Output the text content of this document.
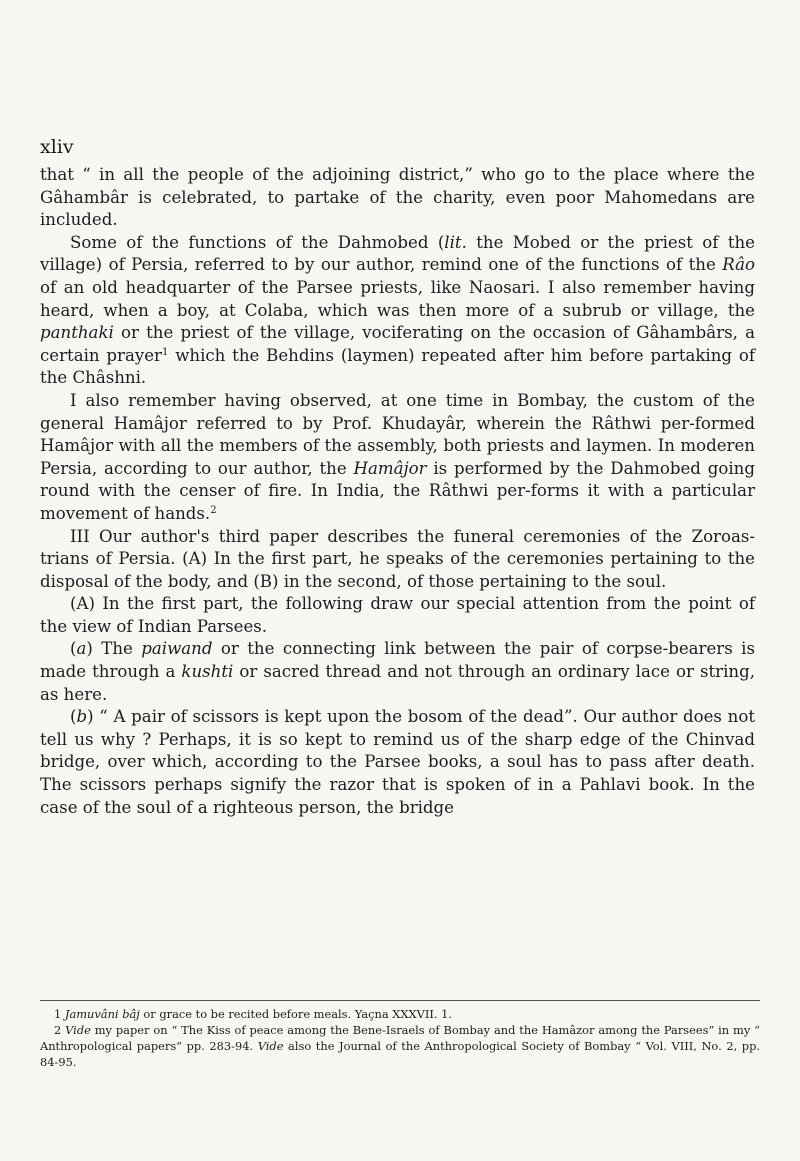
xliv

that “ in all the people of the adjoining district,” who go to the place where the Gâhambâr is celebrated, to partake of the charity, even poor Mahomedans are included.

Some of the functions of the Dahmobed (lit. the Mobed or the priest of the village) of Persia, referred to by our author, remind one of the functions of the Râo of an old headquarter of the Parsee priests, like Naosari. I also remember having heard, when a boy, at Colaba, which was then more of a subrub or village, the panthaki or the priest of the village, vociferating on the occasion of Gâhambârs, a certain prayer$^1$ which the Behdins (laymen) repeated after him before partaking of the Châshni.

I also remember having observed, at one time in Bombay, the custom of the general Hamâjor referred to by Prof. Khudayâr, wherein the Râthwi per-formed Hamâjor with all the members of the assembly, both priests and laymen. In moderen Persia, according to our author, the Hamâjor is performed by the Dahmobed going round with the censer of fire. In India, the Râthwi per-forms it with a particular movement of hands.$^2$

III Our author's third paper describes the funeral ceremonies of the Zoroas-trians of Persia. (A) In the first part, he speaks of the ceremonies pertaining to the disposal of the body, and (B) in the second, of those pertaining to the soul.

(A) In the first part, the following draw our special attention from the point of the view of Indian Parsees.

(a) The paiwand or the connecting link between the pair of corpse-bearers is made through a kushti or sacred thread and not through an ordinary lace or string, as here.

(b) “ A pair of scissors is kept upon the bosom of the dead”. Our author does not tell us why ? Perhaps, it is so kept to remind us of the sharp edge of the Chinvad bridge, over which, according to the Parsee books, a soul has to pass after death. The scissors perhaps signify the razor that is spoken of in a Pahlavi book. In the case of the soul of a righteous person, the bridge

1 Jamuvâni bâj or grace to be recited before meals. Yaçna XXXVII. 1.

2 Vide my paper on “ The Kiss of peace among the Bene-Israels of Bombay and the Hamâzor among the Parsees” in my “ Anthropological papers” pp. 283-94. Vide also the Journal of the Anthropological Society of Bombay “ Vol. VIII, No. 2, pp. 84-95.
